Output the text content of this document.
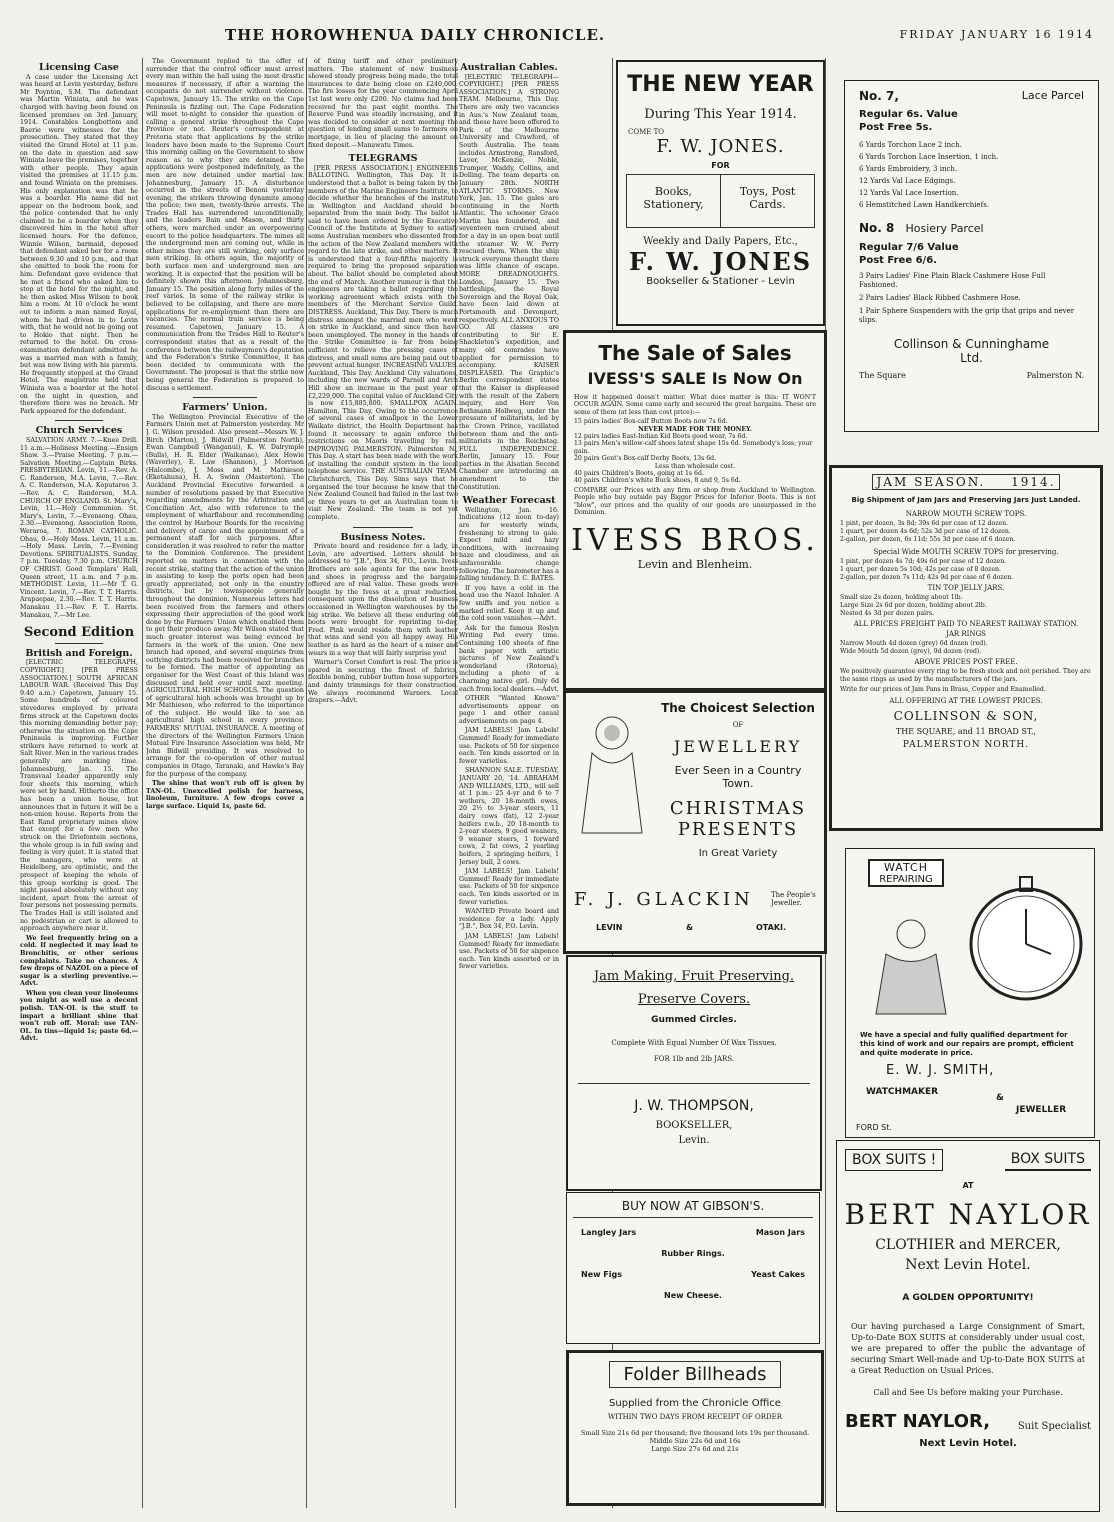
THE HOROWHENUA DAILY CHRONICLE.	FRIDAY JANUARY 16 1914
Licensing Case

A case under the Licensing Act was heard at Levin yesterday, before Mr Poynton, S.M. The defendant was Martin Winiata, and he was charged with having been found on licensed premises on 3rd January, 1914. Constables Longbottom and Baerie were witnesses for the prosecution. They stated that they visited the Grand Hotel at 11 p.m. on the date in question and saw Winiata leave the premises, together with other people. They again visited the premises at 11.15 p.m. and found Winiata on the premises. His only explanation was that he was a boarder. His name did not appear on the bedroom book, and the police contended that he only claimed to be a boarder when they discovered him in the hotel after licensed hours. For the defence, Winnie Wilson, barmaid, deposed that defendant asked her for a room between 9.30 and 10 p.m., and that she omitted to book the room for him. Defendant gave evidence that he met a friend who asked him to stop at the hotel for the night, and he then asked Miss Wilson to book him a room. At 10 o'clock he went out to inform a man named Royal, whom he had driven in to Levin with, that he would not be going out to Hokio that night. Then he returned to the hotel. On cross-examination defendant admitted he was a married man with a family, but was now living with his parents. He frequently stopped at the Grand Hotel. The magistrate held that Winiata was a boarder at the hotel on the night in question, and therefore there was no breach. Mr Park appeared for the defendant.

Church Services

SALVATION ARMY. 7.—Knee Drill. 11 a.m.—Holiness Meeting.—Ensign Shaw. 3.—Praise Meeting. 7 p.m.—Salvation Meeting.—Captain Birks. PRESBYTERIAN. Levin, 11.—Rev. A. C. Randerson, M.A. Levin, 7.—Rev. A. C. Randerson, M.A. Koputaroa 3.—Rev. A. C. Randerson, M.A. CHURCH OF ENGLAND. St. Mary's, Levin, 11.—Holy Communion. St. Mary's, Levin, 7.—Evensong. Ohau, 2.30.—Evensong. Association Room, Weraroa, 7. ROMAN CATHOLIC. Ohau, 9.—Holy Mass. Levin, 11 a.m.—Holy Mass. Levin, 7.—Evening Devotions. SPIRITUALISTS. Sunday, 7 p.m. Tuesday, 7.30 p.m. CHURCH OF CHRIST. Good Templars' Hall, Queen street, 11 a.m. and 7 p.m. METHODIST. Levin, 11.—Mr T. G. Vincent. Levin, 7.—Rev. T. T. Harris. Arapaepae, 2.30.—Rev. T. T. Harris. Manakau 11.—Rev. F. T. Harris. Manakau, 7.—Mr Lee.

Second Edition
British and Foreign.

[ELECTRIC TELEGRAPH, COPYRIGHT.] [PER PRESS ASSOCIATION.] SOUTH AFRICAN LABOUR WAR. (Received This Day 9.40 a.m.) Capetown, January 15. Some hundreds of coloured stevedores employed by private firms struck at the Capetown docks this morning demanding better pay; otherwise the situation on the Cape Peninsula is improving. Further strikers have returned to work at Salt River. Men in the various trades generally are marking time. Johannesburg, Jan. 15. The Transvaal Leader apparently only four sheets this morning, which were set by hand. Hitherto the office has been a union house, but announces that in future it will be a non-union house. Reports from the East Rand proprietary mines show that except for a few men who struck on the Driefontein sections, the whole group is in full swing and feeling is very quiet. It is stated that the managers, who were at Heidelberg, are optimistic, and the prospect of keeping the whole of this group working is good. The night passed absolutely without any incident, apart from the arrest of four persons not possessing permits. The Trades Hall is still isolated and no pedestrian or cart is allowed to approach anywhere near it.

We feel frequently bring on a cold. If neglected it may lead to Bronchitis, or other serious complaints. Take no chances. A few drops of NAZOL on a piece of sugar is a sterling preventive.—Advt.

When you clean your linoleums you might as well use a decent polish. TAN-OL is the stuff to impart a brilliant shine that won't rub off. Moral: use TAN-OL. In tins—liquid 1s; paste 6d.—Advt.

The Government replied to the offer of surrender that the control officer must arrest every man within the hall using the most drastic measures if necessary, if after a warning the occupants do not surrender without violence. Capetown, January 15. The strike on the Cape Peninsula is fizzling out. The Cape Federation will meet to-night to consider the question of calling a general strike throughout the Cape Province or not. Reuter's correspondent at Pretoria state that applications by the strike leaders have been made to the Supreme Court this morning calling on the Government to show reason as to why they are detained. The applications were postponed indefinitely, as the men are now detained under martial law. Johannesburg, January 15. A disturbance occurred in the streets of Benoni yesterday evening, the strikers throwing dynamite among the police; two men, twenty-three arrests. The Trades Hall has surrendered unconditionally, and the leaders Bain and Mason, and thirty others, were marched under an overpowering escort to the police headquarters. The mines all the underground men are coming out, while in other mines they are still working, only surface men striking. In others again, the majority of both surface men and underground men are working. It is expected that the position will be definitely shown this afternoon. Johannesburg, January 15. The position along forty miles of the reef varies. In some of the railway strike is believed to be collapsing, and there are more applications for re-employment than there are vacancies. The normal train service is being resumed. Capetown, January 15. A communication from the Trades Hall to Reuter's correspondent states that as a result of the conference between the railwaymen's deputation and the Federation's Strike Committee, it has been decided to communicate with the Government. The proposal is that the strike now being general the Federation is prepared to discuss a settlement.

Farmers' Union.

The Wellington Provincial Executive of the Farmers Union met at Palmerston yesterday. Mr J. G. Wilson presided. Also present—Messrs W. J. Birch (Marton), J. Bidwill (Palmerston North), Ewan Campbell (Wanganui), K. W. Dalrymple (Bulls), H. R. Elder (Waikanae), Alex Howie (Waverley), E. Law (Shannon), J. Morrison (Halcombe), J. Moss and M. Mathieson (Eketahuna), H. A. Swinn (Masterton). The Auckland Provincial Executive forwarded a number of resolutions passed by that Executive regarding amendments by the Arbitration and Conciliation Act, also with reference to the employment of wharflabour and recommending the control by Harbour Boards for the receiving and delivery of cargo and the appointment of a permanent staff for such purposes. After consideration it was resolved to refer the matter to the Dominion Conference. The president reported on matters in connection with the recent strike, stating that the action of the union in assisting to keep the ports open had been greatly appreciated, not only in the country districts, but by townspeople generally throughout the dominion. Numerous letters had been received from the farmers and others expressing their appreciation of the good work done by the Farmers' Union which enabled them to get their produce away. Mr Wilson stated that much greater interest was being evinced by farmers in the work of the union. One new branch had opened, and several enquiries from outlying districts had been received for branches to be formed. The matter of appointing an organiser for the West Coast of this Island was discussed and held over until next meeting. AGRICULTURAL HIGH SCHOOLS. The question of agricultural high schools was brought up by Mr Mathieson, who referred to the importance of the subject. He would like to see an agricultural high school in every province. FARMERS' MUTUAL INSURANCE. A meeting of the directors of the Wellington Farmers Union Mutual Fire Insurance Association was held, Mr John Bidwill presiding. It was resolved to arrange for the co-operation of other mutual companies in Otago, Taranaki, and Hawke's Bay for the purpose of the company.

The shine that won't rub off is given by TAN-OL. Unexcelled polish for harness, linoleum, furniture. A few drops cover a large surface. Liquid 1s, paste 6d.

of fixing tariff and other preliminary matters. The statement of new business showed steady progress being made, the total insurances to date being close on £240,000. The fire losses for the year commencing April 1st last were only £200. No claims had been received for the past eight months. The Reserve Fund was steadily increasing, and it was decided to consider at next meeting the question of lending small sums to farmers on mortgage, in lieu of placing the amount on fixed deposit.—Manawatu Times.

TELEGRAMS

[PER PRESS ASSOCIATION.] ENGINEERS BALLOTING. Wellington, This Day. It is understood that a ballot is being taken by the members of the Marine Engineers Institute, to decide whether the branches of the institute in Wellington and Auckland should be separated from the main body. The ballot is said to have been ordered by the Executive Council of the Institute at Sydney to satisfy some Australian members who dissented from the action of the New Zealand members with regard to the late strike, and other matters. It is understood that a four-fifths majority is required to bring the proposed separation about. The ballot should be completed about the end of March. Another rumour is that the engineers are taking a ballot regarding the working agreement which exists with the members of the Merchant Service Guild. DISTRESS. Auckland, This Day. There is much distress amongst the married men who went on strike in Auckland, and since then have been unemployed. The money in the hands of the Strike Committee is far from being sufficient to relieve the pressing cases of distress, and small sums are being paid out to prevent actual hunger. INCREASING VALUES. Auckland, This Day. Auckland City valuations, including the new wards of Parnell and Arch Hill show an increase in the past year of £2,229,000. The capital value of Auckland City is now £15,885,800. SMALLPOX AGAIN. Hamilton, This Day. Owing to the occurrence of several cases of smallpox in the Lower Waikato district, the Health Department has found it necessary to again enforce the restrictions on Maoris travelling by rail. IMPROVING PALMERSTON. Palmerston N., This Day. A start has been made with the work of installing the conduit system in the local telephone service. THE AUSTRALIAN TEAM. Christchurch, This Day. Sims says that he organised the tour because he knew that the New Zealand Council had failed in the last two or three years to get an Australian team to visit New Zealand. The team is not yet complete.

Business Notes.

Private board and residence for a lady, in Levin, are advertised. Letters should be addressed to "J.B.", Box 34, P.O., Levin. Ivess Brothers are sole agents for the new boots and shoes in progress and the bargains offered are of real value. These goods were bought by the Ivess at a great reduction, consequent upon the dissolution of business occasioned in Wellington warehouses by the big strike. We believe all these enduring old boots were brought for reprinting to-day, Fred. Pink would reside them with leather that wins and send you all happy away. His leather is as hard as the heart of a miser and wears in a way that will fairly surprise you!

Warner's Corset Comfort is real. The price is spared in securing the finest of fabrics, flexible boning, rubber button hose supporters and dainty trimmings for their construction. We always recommend Warners. Local drapers.—Advt.

THE NEW YEAR
During This Year 1914.
COME TO
F. W. JONES.
FOR
Books, Stationery,
Toys, Post Cards.
Weekly and Daily Papers, Etc.,
F. W. JONES
Bookseller & Stationer - Levin
The Sale of Sales
IVESS'S SALE Is Now On
How it happened doesn't matter. What does matter is this: IT WON'T OCCUR AGAIN. Some came early and secured the great bargains. These are some of them (at less than cost price):—
15 pairs ladies' Box-calf Button Boots now 7s 6d.
NEVER MADE FOR THE MONEY.
12 pairs ladies East-Indian Kid Boots good wear, 7s 6d.
13 pairs Men's willow-calf shoes latest shape 15s 6d. Somebody's loss; your gain.
20 pairs Gent's Box-calf Derby Boots, 13s 6d.
Less than wholesale cost.
40 pairs Children's Boots, going at 1s 6d.
40 pairs Children's white Buck shoes, 8 and 9, 5s 6d.
COMPARE our Prices with any firm or shop from Auckland to Wellington. People who buy outside pay Bigger Prices for Inferior Boots. This is not "blow", our prices and the quality of our goods are unsurpassed in the Dominion.
IVESS BROS.
Levin and Blenheim.
The Choicest Selection
OF
JEWELLERY
Ever Seen in a Country Town.
CHRISTMAS
PRESENTS
In Great Variety
F. J. GLACKIN The People's Jeweller.
LEVIN	&	OTAKI.
Jam Making, Fruit Preserving.
Preserve Covers.
Gummed Circles.
Complete With Equal Number Of Wax Tissues.
FOR 1lb and 2lb JARS.
J. W. THOMPSON,
BOOKSELLER,
Levin.
BUY NOW AT GIBSON'S.
Langley Jars	Mason Jars
Rubber Rings.
New Figs	Yeast Cakes
New Cheese.
Folder Billheads
Supplied from the Chronicle Office
WITHIN TWO DAYS FROM RECEIPT OF ORDER
Small Size 21s 6d per thousand; five thousand lots 19s per thousand.
Middle Size 22s 6d and 16s
Large Size 27s 6d and 21s
No. 7,	Lace Parcel
Regular 6s. Value
Post Free 5s.
6 Yards Torchon Lace 2 inch.
6 Yards Torchon Lace Insertion, 1 inch.
6 Yards Embroidery, 3 inch.
12 Yards Val Lace Edgings.
12 Yards Val Lace Insertion.
6 Hemstitched Lawn Handkerchiefs.
No. 8 Hosiery Parcel
Regular 7/6 Value
Post Free 6/6.
3 Pairs Ladies' Fine Plain Black Cashmere Hose Full Fashioned.
2 Pairs Ladies' Black Ribbed Cashmere Hose.
1 Pair Sphere Suspenders with the grip that grips and never slips.
Collinson & Cunninghame
Ltd.
The Square	Palmerston N.
JAM SEASON. 1914.
Big Shipment of Jam Jars and Preserving Jars Just Landed.
NARROW MOUTH SCREW TOPS.
1 pint, per dozen, 3s 8d; 39s 6d per case of 12 dozen.
1 quart, per dozen 4s 6d; 52s 3d per case of 12 dozen.
2-gallon, per dozen, 6s 11d; 55s 3d per case of 6 dozen.
Special Wide MOUTH SCREW TOPS for preserving.
1 pint, per dozen 4s 7d; 49s 6d per case of 12 dozen.
1 quart, per dozen 5s 10d; 42s per case of 8 dozen.
2-gallon, per dozen 7s 11d; 42s 9d per case of 6 dozen.
TIN TOP JELLY JARS.
Small size 2s dozen, holding about 1lb.
Large Size 2s 6d per dozen, holding about 2lb.
Nested 4s 3d per dozen pairs.
ALL PRICES FREIGHT PAID TO NEAREST RAILWAY STATION.
JAR RINGS
Narrow Mouth 4d dozen (grey) 6d dozen (red).
Wide Mouth 5d dozen (grey), 9d dozen (red).
ABOVE PRICES POST FREE.
We positively guarantee every ring to be fresh stock and not perished. They are the same rings as used by the manufacturers of the jars.
Write for our prices of Jam Pans in Brass, Copper and Enamelled.
ALL OFFERING AT THE LOWEST PRICES.
COLLINSON & SON,
THE SQUARE, and 11 BROAD ST.,
PALMERSTON NORTH.
WATCH
REPAIRING
We have a special and fully qualified department for this kind of work and our repairs are prompt, efficient and quite moderate in price.
E. W. J. SMITH,
WATCHMAKER
&
JEWELLER
FORD St.
BOX SUITS !	BOX SUITS
AT
BERT NAYLOR
CLOTHIER and MERCER,
Next Levin Hotel.
A GOLDEN OPPORTUNITY!
Our having purchased a Large Consignment of Smart, Up-to-Date BOX SUITS at considerably under usual cost, we are prepared to offer the public the advantage of securing Smart Well-made and Up-to-Date BOX SUITS at a Great Reduction on Usual Prices.
Call and See Us before making your Purchase.
BERT NAYLOR,	Suit Specialist
Next Levin Hotel.
Australian Cables.

[ELECTRIC TELEGRAPH—COPYRIGHT.] [PER PRESS ASSOCIATION.] A STRONG TEAM. Melbourne, This Day. There are only two vacancies in Aus.'s New Zealand team, and these have been offered to Park of the Melbourne University and Crawford, of South Australia. The team includes Armstrong, Ransford, Laver, McKenzie, Noble, Trumper, Waddy, Collins, and Dolling. The team departs on January 28th. NORTH ATLANTIC STORMS. New York, Jan. 15. The gales are continuing in the North Atlantic. The schooner Grace Martin has foundered, and seventeen men cruised about for a day in an open boat until the steamer W. W. Perry rescued them. When the ship struck everyone thought there was little chance of escape. MORE DREADNOUGHTS. London, January 15. Two battleships, the Royal Sovereign and the Royal Oak, have been laid down at Portsmouth and Devonport, respectively. ALL ANXIOUS TO GO. All classes are contributing to Sir E. Shackleton's expedition, and many old comrades have applied for permission to accompany. KAISER DISPLEASED. The Graphic's Berlin correspondent states that the Kaiser is displeased with the result of the Zabern inquiry, and Herr Von Bethmann Hollweg, under the pressure of militarists, led by the Crown Prince, vacillated between them and the anti-militarists in the Reichstag. FULL INDEPENDENCE. Berlin, January 15. Four parties in the Alsatian Second Chamber are introducing an amendment to the Constitution.

Weather Forecast

Wellington, Jan. 16. Indications (12 noon to-day) are for westerly winds, freshening to strong to gale. Expect mild and hazy conditions, with increasing haze and cloudiness, and an unfavourable change following. The barometer has a falling tendency. D. C. BATES.

If you have a cold in the head use the Nazol Inhaler. A few sniffs and you notice a marked relief. Keep it up and the cold soon vanishes.—Advt.

Ask for the famous Roslyn Writing Pad every time. Containing 100 sheets of fine bank paper with artistic pictures of New Zealand's wonderland (Rotorua), including a photo of a charming native girl. Only 6d each from local dealers.—Advt.

OTHER "Wanted Known" advertisements appear on page 1 and other casual advertisements on page 4.

JAM LABELS! Jam Labels! Gummed! Ready for immediate use. Packets of 50 for sixpence each. Ten kinds assorted or in fewer varieties.

SHANNON SALE. TUESDAY, JANUARY 20, '14. ABRAHAM AND WILLIAMS, LTD., will sell at 1 p.m.: 25 4-yr and 6 to 7 wethers, 20 18-month ewes, 20 2½ to 3-year steers, 11 dairy cows (fat), 12 2-year heifers r.w.b., 20 18-month to 2-year steers, 9 good weaners, 9 weaner steers, 1 forward cows, 2 fat cows, 2 yearling heifers, 2 springing heifers, 1 Jersey bull, 2 cows.

JAM LABELS! Jam Labels! Gummed! Ready for immediate use. Packets of 50 for sixpence each. Ten kinds assorted or in fewer varieties.

WANTED Private board and residence for a lady. Apply "J.B.", Box 34, P.O. Levin.

JAM LABELS! Jam Labels! Gummed! Ready for immediate use. Packets of 50 for sixpence each. Ten kinds assorted or in fewer varieties.
